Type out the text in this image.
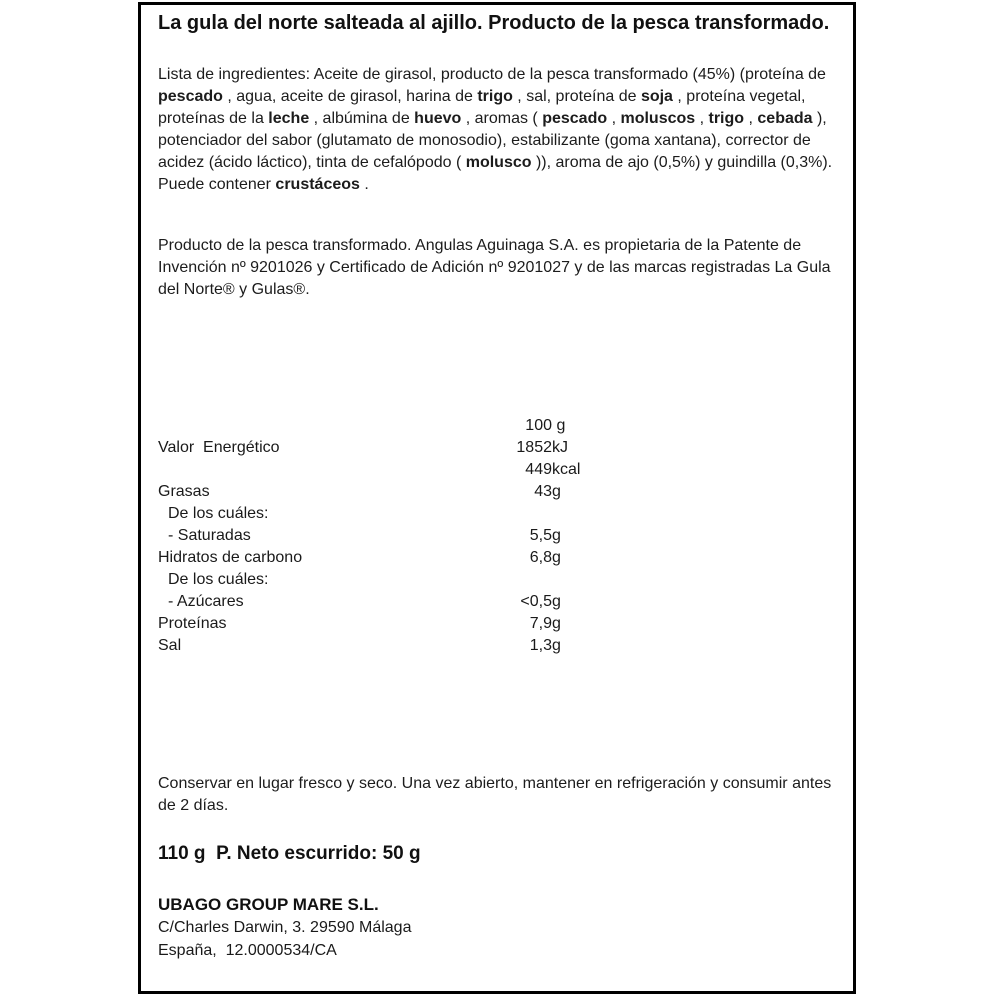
La gula del norte salteada al ajillo. Producto de la pesca transformado.
Lista de ingredientes: Aceite de girasol, producto de la pesca transformado (45%) (proteína de pescado , agua, aceite de girasol, harina de trigo , sal, proteína de soja , proteína vegetal, proteínas de la leche , albúmina de huevo , aromas ( pescado , moluscos , trigo , cebada ), potenciador del sabor (glutamato de monosodio), estabilizante (goma xantana), corrector de acidez (ácido láctico), tinta de cefalópodo ( molusco )), aroma de ajo (0,5%) y guindilla (0,3%). Puede contener crustáceos .
Producto de la pesca transformado. Angulas Aguinaga S.A. es propietaria de la Patente de Invención nº 9201026 y Certificado de Adición nº 9201027 y de las marcas registradas La Gula del Norte® y Gulas®.
100 g
Valor  Energético	1852kJ
449kcal
Grasas	43g
De los cuáles:
- Saturadas	5,5g
Hidratos de carbono	6,8g
De los cuáles:
- Azúcares	<0,5g
Proteínas	7,9g
Sal	1,3g
Conservar en lugar fresco y seco. Una vez abierto, mantener en refrigeración y consumir antes de 2 días.
110 g  P. Neto escurrido: 50 g
UBAGO GROUP MARE S.L.
C/Charles Darwin, 3. 29590 Málaga
España,  12.0000534/CA
